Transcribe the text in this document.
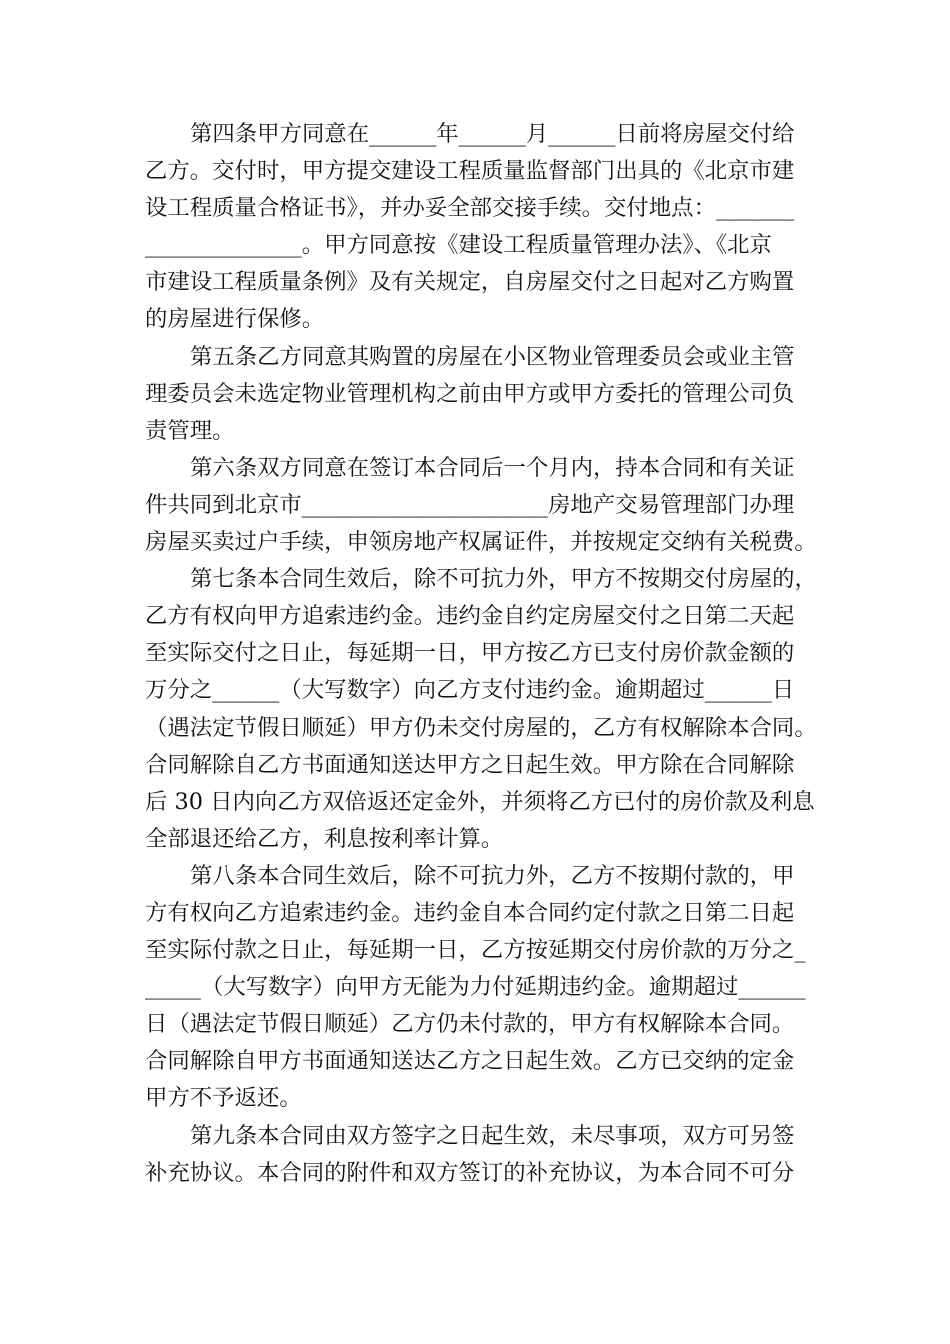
第四条甲方同意在______年______月______日前将房屋交付给
乙方。交付时，甲方提交建设工程质量监督部门出具的《北京市建
设工程质量合格证书》，并办妥全部交接手续。交付地点：_______
______________。甲方同意按《建设工程质量管理办法》、《北京
市建设工程质量条例》及有关规定，自房屋交付之日起对乙方购置
的房屋进行保修。
第五条乙方同意其购置的房屋在小区物业管理委员会或业主管
理委员会未选定物业管理机构之前由甲方或甲方委托的管理公司负
责管理。
第六条双方同意在签订本合同后一个月内，持本合同和有关证
件共同到北京市______________________房地产交易管理部门办理
房屋买卖过户手续，申领房地产权属证件，并按规定交纳有关税费。
第七条本合同生效后，除不可抗力外，甲方不按期交付房屋的，
乙方有权向甲方追索违约金。违约金自约定房屋交付之日第二天起
至实际交付之日止，每延期一日，甲方按乙方已支付房价款金额的
万分之______（大写数字）向乙方支付违约金。逾期超过______日
（遇法定节假日顺延）甲方仍未交付房屋的，乙方有权解除本合同。
合同解除自乙方书面通知送达甲方之日起生效。甲方除在合同解除
后 30 日内向乙方双倍返还定金外，并须将乙方已付的房价款及利息
全部退还给乙方，利息按利率计算。
第八条本合同生效后，除不可抗力外，乙方不按期付款的，甲
方有权向乙方追索违约金。违约金自本合同约定付款之日第二日起
至实际付款之日止，每延期一日，乙方按延期交付房价款的万分之_
_____（大写数字）向甲方无能为力付延期违约金。逾期超过______
日（遇法定节假日顺延）乙方仍未付款的，甲方有权解除本合同。
合同解除自甲方书面通知送达乙方之日起生效。乙方已交纳的定金
甲方不予返还。
第九条本合同由双方签字之日起生效，未尽事项，双方可另签
补充协议。本合同的附件和双方签订的补充协议，为本合同不可分
